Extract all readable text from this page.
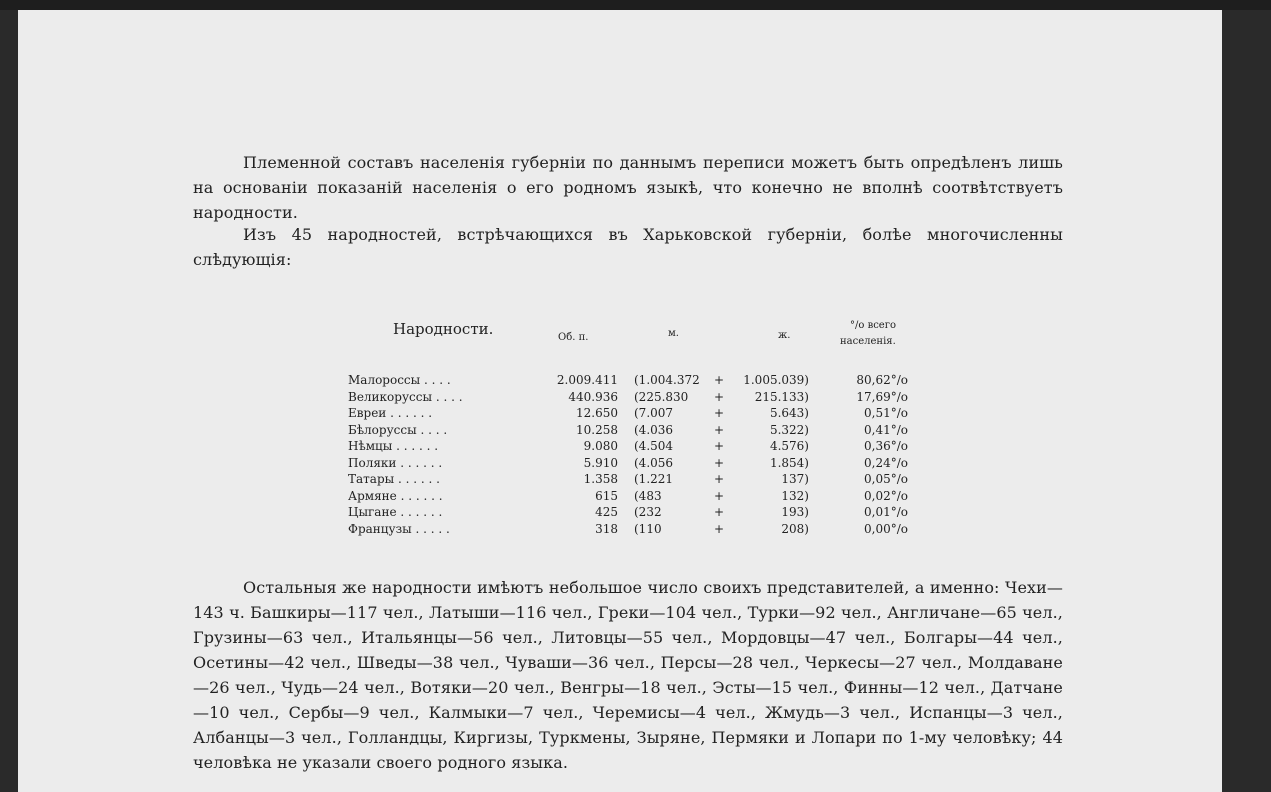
Племенной составъ населенія губерніи по даннымъ переписи можетъ быть опредѣленъ лишь на основаніи показаній населенія о его родномъ языкѣ, что конечно не вполнѣ соотвѣтствуетъ народности.
Изъ 45 народностей, встрѣчающихся въ Харьковской губерніи, болѣе многочисленны слѣдующія:
Народности.	Об. п.	м.	ж.
°/о всего
населенія.
Малороссы . . . .	2.009.411 (1.004.372	+	1.005.039)	80,62°/о
Великоруссы . . . .	440.936 (225.830	+	215.133)	17,69°/о
Евреи . . . . . .	12.650 (7.007	+	5.643)	0,51°/о
Бѣлоруссы . . . .	10.258 (4.036	+	5.322)	0,41°/о
Нѣмцы . . . . . .	9.080 (4.504	+	4.576)	0,36°/о
Поляки . . . . . .	5.910 (4.056	+	1.854)	0,24°/о
Татары . . . . . .	1.358 (1.221	+	137)	0,05°/о
Армяне . . . . . .	615 (483	+	132)	0,02°/о
Цыгане . . . . . .	425 (232	+	193)	0,01°/о
Французы . . . . .	318 (110	+	208)	0,00°/о
Остальныя же народности имѣютъ небольшое число своихъ представителей, а именно: Чехи—143 ч. Башкиры—117 чел., Латыши—116 чел., Греки—104 чел., Турки—92 чел., Англичане—65 чел., Грузины—63 чел., Итальянцы—56 чел., Литовцы—55 чел., Мордовцы—47 чел., Болгары—44 чел., Осетины—42 чел., Шведы—38 чел., Чуваши—36 чел., Персы—28 чел., Черкесы—27 чел., Молдаване—26 чел., Чудь—24 чел., Вотяки—20 чел., Венгры—18 чел., Эсты—15 чел., Финны—12 чел., Датчане—10 чел., Сербы—9 чел., Калмыки—7 чел., Черемисы—4 чел., Жмудь—3 чел., Испанцы—3 чел., Албанцы—3 чел., Голландцы, Киргизы, Туркмены, Зыряне, Пермяки и Лопари по 1-му человѣку; 44 человѣка не указали своего родного языка.
